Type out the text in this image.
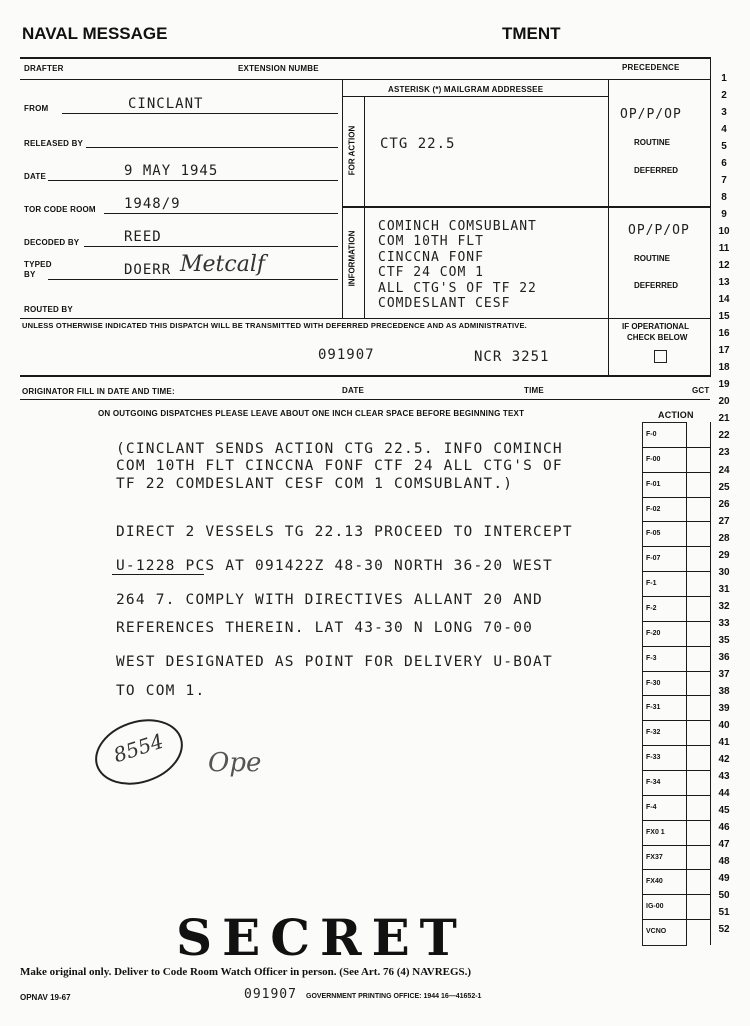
NAVAL MESSAGE	TMENT
DRAFTER	EXTENSION NUMBE	PRECEDENCE
FROM	CINCLANT
RELEASED BY
DATE	9 MAY 1945
TOR CODE ROOM 1948/9
DECODED BY	REED
TYPED
BY	DOERR Metcalf
ROUTED BY
ASTERISK (*) MAILGRAM ADDRESSEE
FOR ACTION CTG 22.5
INFORMATION
COMINCH COMSUBLANT
COM 10TH FLT
CINCCNA FONF
CTF 24 COM 1
ALL CTG'S OF TF 22
COMDESLANT CESF
OP/P/OP
ROUTINE
DEFERRED
OP/P/OP
ROUTINE
DEFERRED
UNLESS OTHERWISE INDICATED THIS DISPATCH WILL BE TRANSMITTED WITH DEFERRED PRECEDENCE AND AS ADMINISTRATIVE.	IF OPERATIONAL
CHECK BELOW
091907	NCR 3251
ORIGINATOR FILL IN DATE AND TIME:	DATE	TIME	GCT
ON OUTGOING DISPATCHES PLEASE LEAVE ABOUT ONE INCH CLEAR SPACE BEFORE BEGINNING TEXT	ACTION
F-0
F-00
F-01
F-02
F-05
F-07
F-1
F-2
F-20
F-3
F-30
F-31
F-32
F-33
F-34
F-4
FX0 1
FX37
FX40
IG-00
VCNO
1
2
3
4
5
6
7
8
9
10
11
12
13
14
15
16
17
18
19
20
21
22
23
24
25
26
27
28
29
30
31
32
33
35
36
37
38
39
40
41
42
43
44
45
46
47
48
49
50
51
52
(CINCLANT SENDS ACTION CTG 22.5. INFO COMINCH
COM 10TH FLT CINCCNA FONF CTF 24 ALL CTG'S OF
TF 22 COMDESLANT CESF COM 1 COMSUBLANT.)
DIRECT 2 VESSELS TG 22.13 PROCEED TO INTERCEPT
U-1228 PCS AT 091422Z 48-30 NORTH 36-20 WEST
264 7. COMPLY WITH DIRECTIVES ALLANT 20 AND
REFERENCES THEREIN. LAT 43-30 N LONG 70-00
WEST DESIGNATED AS POINT FOR DELIVERY U-BOAT
TO COM 1.
8554 Ope
SECRET
Make original only. Deliver to Code Room Watch Officer in person. (See Art. 76 (4) NAVREGS.)
OPNAV 19-67	091907 GOVERNMENT PRINTING OFFICE: 1944 16—41652-1
